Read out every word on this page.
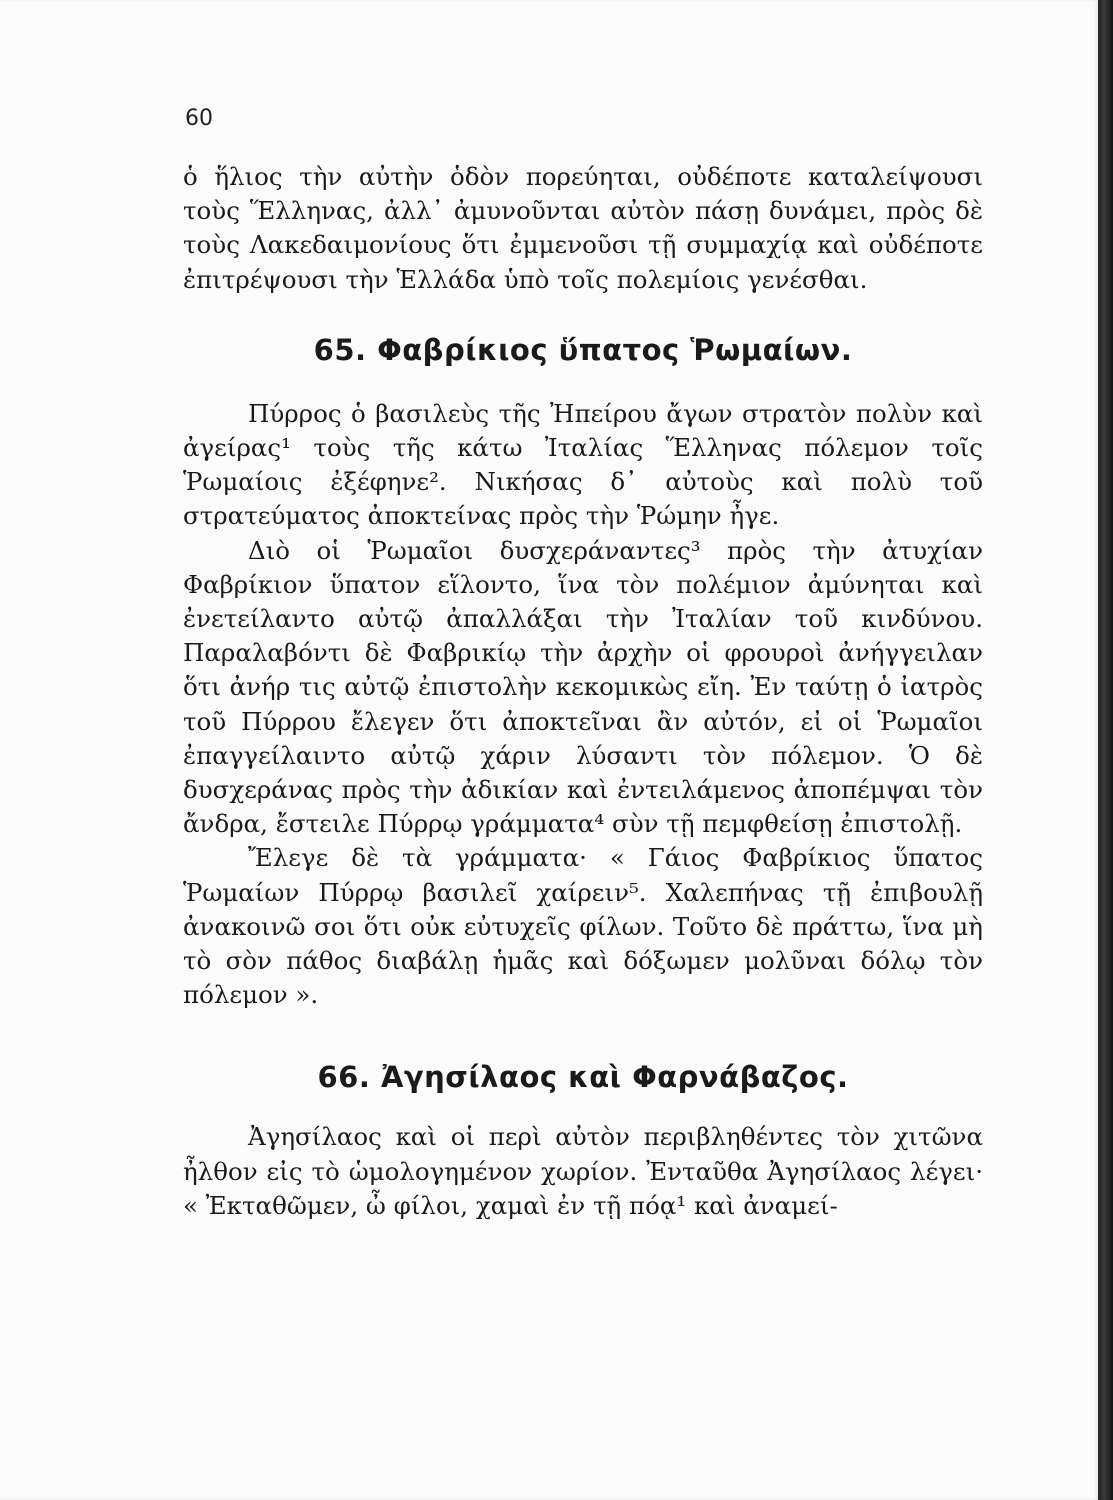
60

ὁ ἥλιος τὴν αὐτὴν ὁδὸν πορεύηται, οὐδέποτε καταλείψουσι τοὺς Ἕλληνας, ἀλλ᾽ ἀμυνοῦνται αὐτὸν πάσῃ δυνάμει, πρὸς δὲ τοὺς Λακεδαιμονίους ὅτι ἐμμενοῦσι τῇ συμμαχίᾳ καὶ οὐδέποτε ἐπιτρέψουσι τὴν Ἑλλάδα ὑπὸ τοῖς πολεμίοις γενέσθαι.

65. Φαβρίκιος ὕπατος Ῥωμαίων.

Πύρρος ὁ βασιλεὺς τῆς Ἠπείρου ἄγων στρατὸν πολὺν καὶ ἀγείρας¹ τοὺς τῆς κάτω Ἰταλίας Ἕλληνας πόλεμον τοῖς Ῥωμαίοις ἐξέφηνε². Νικήσας δ᾽ αὐτοὺς καὶ πολὺ τοῦ στρατεύματος ἀποκτείνας πρὸς τὴν Ῥώμην ἦγε.

Διὸ οἱ Ῥωμαῖοι δυσχεράναντες³ πρὸς τὴν ἀτυχίαν Φαβρίκιον ὕπατον εἵλοντο, ἵνα τὸν πολέμιον ἀμύνηται καὶ ἐνετείλαντο αὐτῷ ἀπαλλάξαι τὴν Ἰταλίαν τοῦ κινδύνου. Παραλαβόντι δὲ Φαβρικίῳ τὴν ἀρχὴν οἱ φρουροὶ ἀνήγγειλαν ὅτι ἀνήρ τις αὐτῷ ἐπιστολὴν κεκομικὼς εἴη. Ἐν ταύτῃ ὁ ἰατρὸς τοῦ Πύρρου ἔλεγεν ὅτι ἀποκτεῖναι ἂν αὐτόν, εἰ οἱ Ῥωμαῖοι ἐπαγγείλαιντο αὐτῷ χάριν λύσαντι τὸν πόλεμον. Ὁ δὲ δυσχεράνας πρὸς τὴν ἀδικίαν καὶ ἐντειλάμενος ἀποπέμψαι τὸν ἄνδρα, ἔστειλε Πύρρῳ γράμματα⁴ σὺν τῇ πεμφθείσῃ ἐπιστολῇ.

Ἔλεγε δὲ τὰ γράμματα· « Γάιος Φαβρίκιος ὕπατος Ῥωμαίων Πύρρῳ βασιλεῖ χαίρειν⁵. Χαλεπήνας τῇ ἐπιβουλῇ ἀνακοινῶ σοι ὅτι οὐκ εὐτυχεῖς φίλων. Τοῦτο δὲ πράττω, ἵνα μὴ τὸ σὸν πάθος διαβάλῃ ἡμᾶς καὶ δόξωμεν μολῦναι δόλῳ τὸν πόλεμον ».

66. Ἀγησίλαος καὶ Φαρνάβαζος.

Ἀγησίλαος καὶ οἱ περὶ αὐτὸν περιβληθέντες τὸν χιτῶνα ἦλθον εἰς τὸ ὡμολογημένον χωρίον. Ἐνταῦθα Ἀγησίλαος λέγει· « Ἐκταθῶμεν, ὦ φίλοι, χαμαὶ ἐν τῇ πόᾳ¹ καὶ ἀναμεί-
